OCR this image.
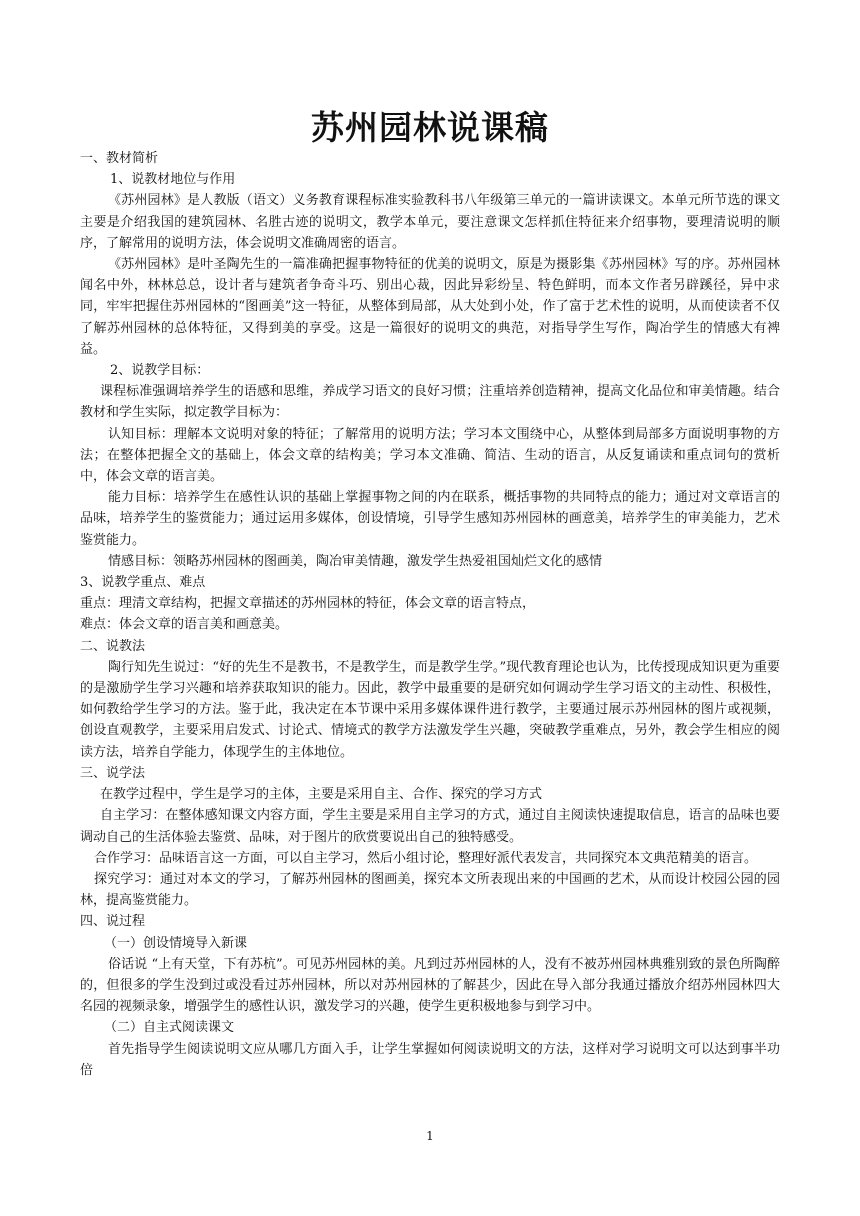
苏州园林说课稿

一、教材简析

1、说教材地位与作用

《苏州园林》是人教版（语文）义务教育课程标准实验教科书八年级第三单元的一篇讲读课文。本单元所节选的课文主要是介绍我国的建筑园林、名胜古迹的说明文，教学本单元，要注意课文怎样抓住特征来介绍事物，要理清说明的顺序，了解常用的说明方法，体会说明文准确周密的语言。

《苏州园林》是叶圣陶先生的一篇准确把握事物特征的优美的说明文，原是为摄影集《苏州园林》写的序。苏州园林闻名中外，林林总总，设计者与建筑者争奇斗巧、别出心裁，因此异彩纷呈、特色鲜明，而本文作者另辟蹊径，异中求同，牢牢把握住苏州园林的“图画美”这一特征，从整体到局部，从大处到小处，作了富于艺术性的说明，从而使读者不仅了解苏州园林的总体特征，又得到美的享受。这是一篇很好的说明文的典范，对指导学生写作，陶冶学生的情感大有裨益。

2、说教学目标：

课程标准强调培养学生的语感和思维，养成学习语文的良好习惯；注重培养创造精神，提高文化品位和审美情趣。结合教材和学生实际，拟定教学目标为：

认知目标：理解本文说明对象的特征；了解常用的说明方法；学习本文围绕中心，从整体到局部多方面说明事物的方法；在整体把握全文的基础上，体会文章的结构美；学习本文准确、简洁、生动的语言，从反复诵读和重点词句的赏析中，体会文章的语言美。

能力目标：培养学生在感性认识的基础上掌握事物之间的内在联系，概括事物的共同特点的能力；通过对文章语言的品味，培养学生的鉴赏能力；通过运用多媒体，创设情境，引导学生感知苏州园林的画意美，培养学生的审美能力，艺术鉴赏能力。

情感目标：领略苏州园林的图画美，陶冶审美情趣，激发学生热爱祖国灿烂文化的感情

3、说教学重点、难点

重点：理清文章结构，把握文章描述的苏州园林的特征，体会文章的语言特点，

难点：体会文章的语言美和画意美。

二、说教法

陶行知先生说过：“好的先生不是教书，不是教学生，而是教学生学。”现代教育理论也认为，比传授现成知识更为重要的是激励学生学习兴趣和培养获取知识的能力。因此，教学中最重要的是研究如何调动学生学习语文的主动性、积极性，如何教给学生学习的方法。鉴于此，我决定在本节课中采用多媒体课件进行教学，主要通过展示苏州园林的图片或视频，创设直观教学，主要采用启发式、讨论式、情境式的教学方法激发学生兴趣，突破教学重难点，另外，教会学生相应的阅读方法，培养自学能力，体现学生的主体地位。

三、说学法

在教学过程中，学生是学习的主体，主要是采用自主、合作、探究的学习方式

自主学习：在整体感知课文内容方面，学生主要是采用自主学习的方式，通过自主阅读快速提取信息，语言的品味也要调动自己的生活体验去鉴赏、品味，对于图片的欣赏要说出自己的独特感受。

合作学习：品味语言这一方面，可以自主学习，然后小组讨论，整理好派代表发言，共同探究本文典范精美的语言。

探究学习：通过对本文的学习，了解苏州园林的图画美，探究本文所表现出来的中国画的艺术，从而设计校园公园的园林，提高鉴赏能力。

四、说过程

（一）创设情境导入新课

俗话说 “上有天堂，下有苏杭”。可见苏州园林的美。凡到过苏州园林的人，没有不被苏州园林典雅别致的景色所陶醉的，但很多的学生没到过或没看过苏州园林，所以对苏州园林的了解甚少，因此在导入部分我通过播放介绍苏州园林四大名园的视频录象，增强学生的感性认识，激发学习的兴趣，使学生更积极地参与到学习中。

（二）自主式阅读课文

首先指导学生阅读说明文应从哪几方面入手，让学生掌握如何阅读说明文的方法，这样对学习说明文可以达到事半功倍

1
